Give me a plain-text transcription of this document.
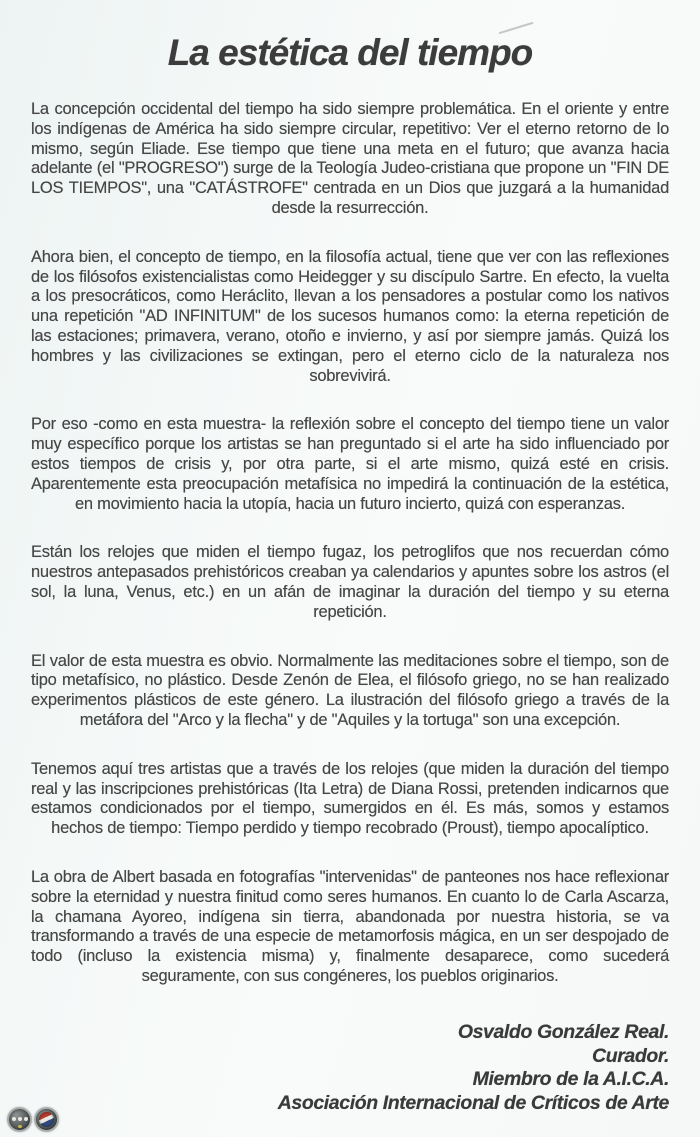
La estética del tiempo

La concepción occidental del tiempo ha sido siempre problemática. En el oriente y entre los indígenas de América ha sido siempre circular, repetitivo: Ver el eterno retorno de lo mismo, según Eliade. Ese tiempo que tiene una meta en el futuro; que avanza hacia adelante (el "PROGRESO") surge de la Teología Judeo-cristiana que propone un "FIN DE LOS TIEMPOS", una "CATÁSTROFE" centrada en un Dios que juzgará a la humanidad desde la resurrección.

Ahora bien, el concepto de tiempo, en la filosofía actual, tiene que ver con las reflexiones de los filósofos existencialistas como Heidegger y su discípulo Sartre. En efecto, la vuelta a los presocráticos, como Heráclito, llevan a los pensadores a postular como los nativos una repetición "AD INFINITUM" de los sucesos humanos como: la eterna repetición de las estaciones; primavera, verano, otoño e invierno, y así por siempre jamás. Quizá los hombres y las civilizaciones se extingan, pero el eterno ciclo de la naturaleza nos sobrevivirá.

Por eso -como en esta muestra- la reflexión sobre el concepto del tiempo tiene un valor muy específico porque los artistas se han preguntado si el arte ha sido influenciado por estos tiempos de crisis y, por otra parte, si el arte mismo, quizá esté en crisis. Aparentemente esta preocupación metafísica no impedirá la continuación de la estética, en movimiento hacia la utopía, hacia un futuro incierto, quizá con esperanzas.

Están los relojes que miden el tiempo fugaz, los petroglifos que nos recuerdan cómo nuestros antepasados prehistóricos creaban ya calendarios y apuntes sobre los astros (el sol, la luna, Venus, etc.) en un afán de imaginar la duración del tiempo y su eterna repetición.

El valor de esta muestra es obvio. Normalmente las meditaciones sobre el tiempo, son de tipo metafísico, no plástico. Desde Zenón de Elea, el filósofo griego, no se han realizado experimentos plásticos de este género. La ilustración del filósofo griego a través de la metáfora del "Arco y la flecha" y de "Aquiles y la tortuga" son una excepción.

Tenemos aquí tres artistas que a través de los relojes (que miden la duración del tiempo real y las inscripciones prehistóricas (Ita Letra) de Diana Rossi, pretenden indicarnos que estamos condicionados por el tiempo, sumergidos en él. Es más, somos y estamos hechos de tiempo: Tiempo perdido y tiempo recobrado (Proust), tiempo apocalíptico.

La obra de Albert basada en fotografías "intervenidas" de panteones nos hace reflexionar sobre la eternidad y nuestra finitud como seres humanos. En cuanto lo de Carla Ascarza, la chamana Ayoreo, indígena sin tierra, abandonada por nuestra historia, se va transformando a través de una especie de metamorfosis mágica, en un ser despojado de todo (incluso la existencia misma) y, finalmente desaparece, como sucederá seguramente, con sus congéneres, los pueblos originarios.

Osvaldo González Real.
Curador.
Miembro de la A.I.C.A.
Asociación Internacional de Críticos de Arte
